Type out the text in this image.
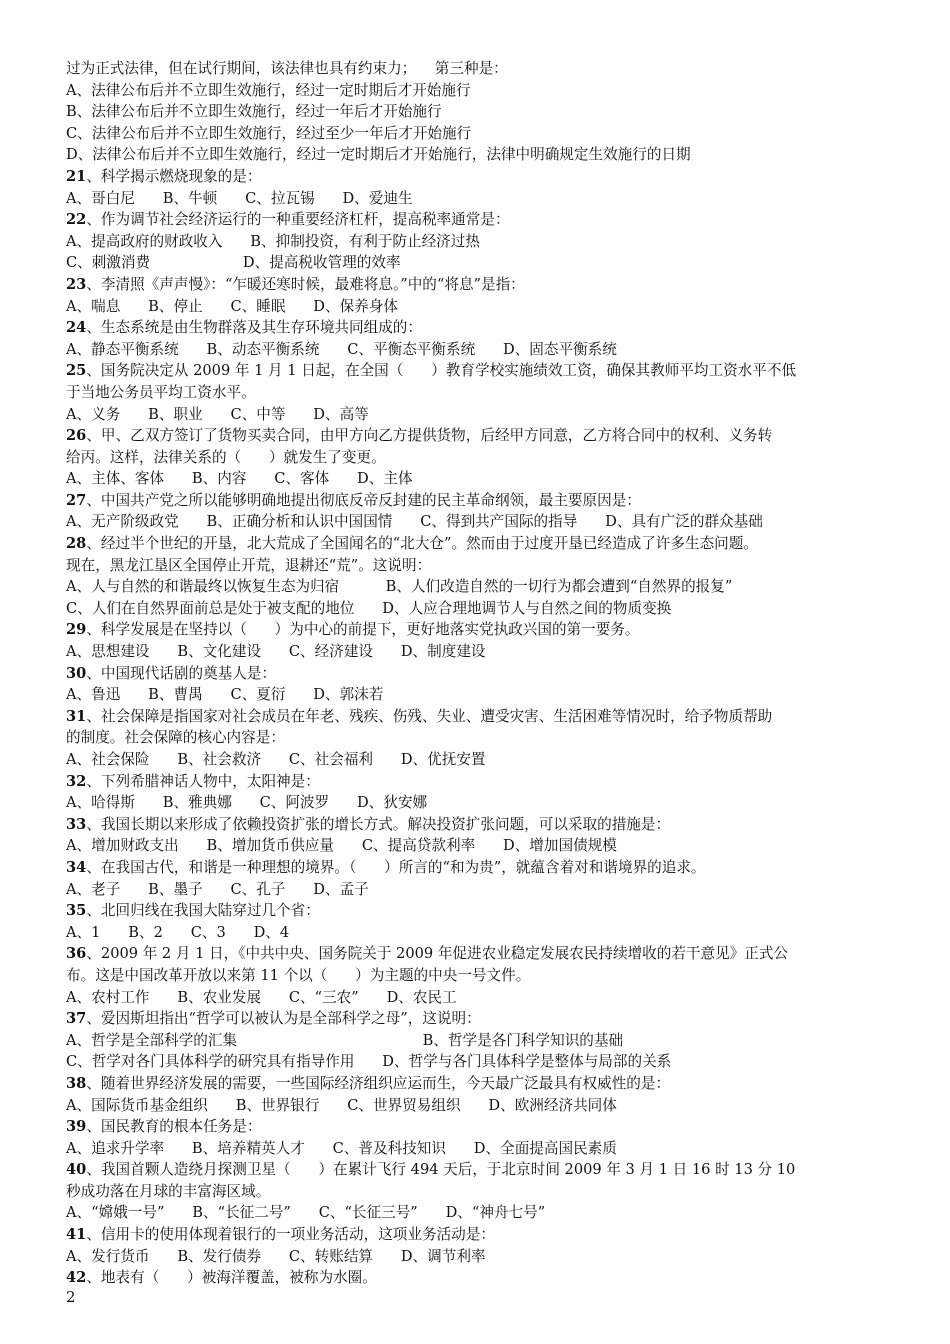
过为正式法律，但在试行期间，该法律也具有约束力；    第三种是：
A、法律公布后并不立即生效施行，经过一定时期后才开始施行
B、法律公布后并不立即生效施行，经过一年后才开始施行
C、法律公布后并不立即生效施行，经过至少一年后才开始施行
D、法律公布后并不立即生效施行，经过一定时期后才开始施行，法律中明确规定生效施行的日期
21、科学揭示燃烧现象的是：
A、哥白尼      B、牛顿      C、拉瓦锡      D、爱迪生
22、作为调节社会经济运行的一种重要经济杠杆，提高税率通常是：
A、提高政府的财政收入      B、抑制投资，有利于防止经济过热
C、刺激消费                    D、提高税收管理的效率
23、李清照《声声慢》：“乍暖还寒时候，最难将息。”中的“将息”是指：
A、喘息      B、停止      C、睡眠      D、保养身体
24、生态系统是由生物群落及其生存环境共同组成的：
A、静态平衡系统      B、动态平衡系统      C、平衡态平衡系统      D、固态平衡系统
25、国务院决定从 2009 年 1 月 1 日起，在全国（      ）教育学校实施绩效工资，确保其教师平均工资水平不低
于当地公务员平均工资水平。
A、义务      B、职业      C、中等      D、高等
26、甲、乙双方签订了货物买卖合同，由甲方向乙方提供货物，后经甲方同意，乙方将合同中的权利、义务转
给丙。这样，法律关系的（      ）就发生了变更。
A、主体、客体      B、内容      C、客体      D、主体
27、中国共产党之所以能够明确地提出彻底反帝反封建的民主革命纲领，最主要原因是：
A、无产阶级政党      B、正确分析和认识中国国情      C、得到共产国际的指导      D、具有广泛的群众基础
28、经过半个世纪的开垦，北大荒成了全国闻名的“北大仓”。然而由于过度开垦已经造成了许多生态问题。
现在，黑龙江垦区全国停止开荒，退耕还“荒”。这说明：
A、人与自然的和谐最终以恢复生态为归宿          B、人们改造自然的一切行为都会遭到“自然界的报复”
C、人们在自然界面前总是处于被支配的地位      D、人应合理地调节人与自然之间的物质变换
29、科学发展是在坚持以（      ）为中心的前提下，更好地落实党执政兴国的第一要务。
A、思想建设      B、文化建设      C、经济建设      D、制度建设
30、中国现代话剧的奠基人是：
A、鲁迅      B、曹禺      C、夏衍      D、郭沫若
31、社会保障是指国家对社会成员在年老、残疾、伤残、失业、遭受灾害、生活困难等情况时，给予物质帮助
的制度。社会保障的核心内容是：
A、社会保险      B、社会救济      C、社会福利      D、优抚安置
32、下列希腊神话人物中，太阳神是：
A、哈得斯      B、雅典娜      C、阿波罗      D、狄安娜
33、我国长期以来形成了依赖投资扩张的增长方式。解决投资扩张问题，可以采取的措施是：
A、增加财政支出      B、增加货币供应量      C、提高贷款利率      D、增加国债规模
34、在我国古代，和谐是一种理想的境界。（      ）所言的“和为贵”，就蕴含着对和谐境界的追求。
A、老子      B、墨子      C、孔子      D、孟子
35、北回归线在我国大陆穿过几个省：
A、1      B、2      C、3      D、4
36、2009 年 2 月 1 日，《中共中央、国务院关于 2009 年促进农业稳定发展农民持续增收的若干意见》正式公
布。这是中国改革开放以来第 11 个以（      ）为主题的中央一号文件。
A、农村工作      B、农业发展      C、“三农”      D、农民工
37、爱因斯坦指出“哲学可以被认为是全部科学之母”，这说明：
A、哲学是全部科学的汇集                                        B、哲学是各门科学知识的基础
C、哲学对各门具体科学的研究具有指导作用      D、哲学与各门具体科学是整体与局部的关系
38、随着世界经济发展的需要，一些国际经济组织应运而生，今天最广泛最具有权威性的是：
A、国际货币基金组织      B、世界银行      C、世界贸易组织      D、欧洲经济共同体
39、国民教育的根本任务是：
A、追求升学率      B、培养精英人才      C、普及科技知识      D、全面提高国民素质
40、我国首颗人造绕月探测卫星（      ）在累计飞行 494 天后，于北京时间 2009 年 3 月 1 日 16 时 13 分 10
秒成功落在月球的丰富海区域。
A、“嫦娥一号”      B、“长征二号”      C、“长征三号”      D、“神舟七号”
41、信用卡的使用体现着银行的一项业务活动，这项业务活动是：
A、发行货币      B、发行债券      C、转账结算      D、调节利率
42、地表有（      ）被海洋覆盖，被称为水圈。
2
